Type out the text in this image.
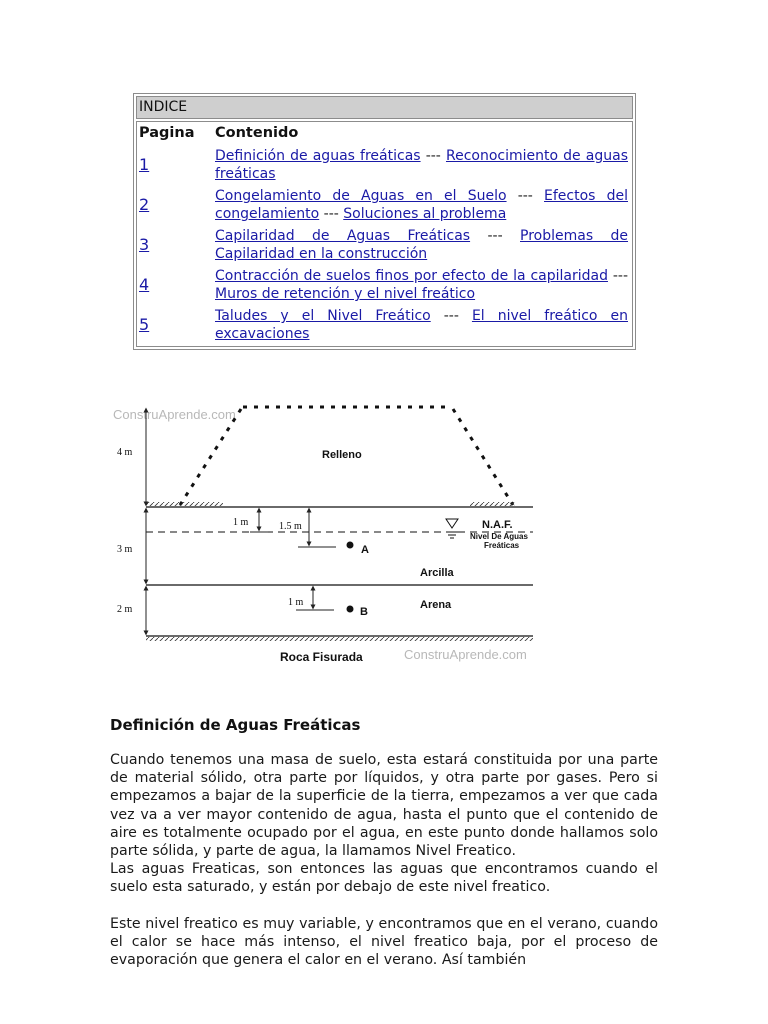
INDICE
Pagina Contenido
1	Definición de aguas freáticas --- Reconocimiento de aguas freáticas
2	Congelamiento de Aguas en el Suelo --- Efectos del congelamiento --- Soluciones al problema
3	Capilaridad de Aguas Freáticas --- Problemas de Capilaridad en la construcción
4	Contracción de suelos finos por efecto de la capilaridad --- Muros de retención y el nivel freático
5	Taludes y el Nivel Freático --- El nivel freático en excavaciones
ConstruAprende.com
Relleno
4 m
3 m
2 m
1 m	1.5 m
A
N.A.F.
Nivel De Aguas
Freáticas
Arcilla
1 m
B
Arena
Roca Fisurada	ConstruAprende.com
Definición de Aguas Freáticas

Cuando tenemos una masa de suelo, esta estará constituida por una parte de material sólido, otra parte por líquidos, y otra parte por gases. Pero si empezamos a bajar de la superficie de la tierra, empezamos a ver que cada vez va a ver mayor contenido de agua, hasta el punto que el contenido de aire es totalmente ocupado por el agua, en este punto donde hallamos solo parte sólida, y parte de agua, la llamamos Nivel Freatico.

Las aguas Freaticas, son entonces las aguas que encontramos cuando el suelo esta saturado, y están por debajo de este nivel freatico.

Este nivel freatico es muy variable, y encontramos que en el verano, cuando el calor se hace más intenso, el nivel freatico baja, por el proceso de evaporación que genera el calor en el verano. Así también
